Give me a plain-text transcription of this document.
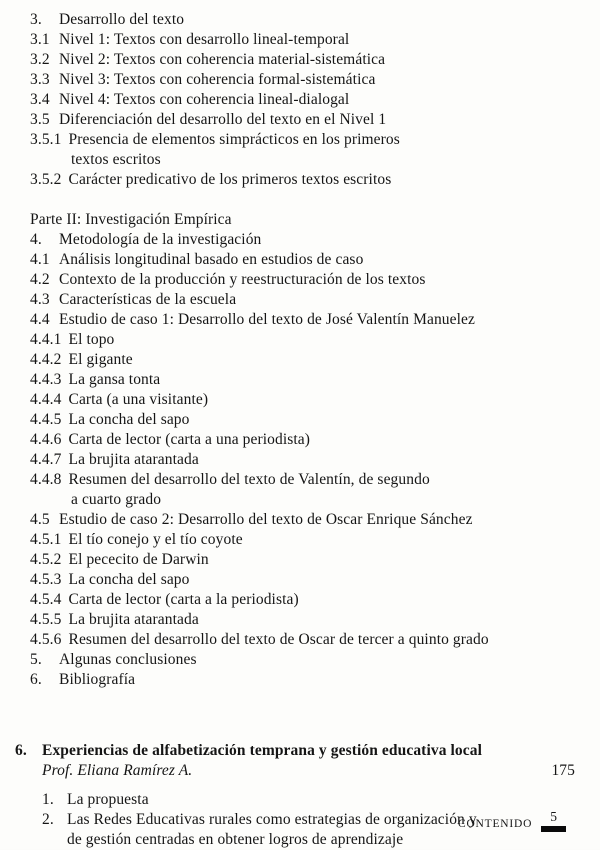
3.	Desarrollo del texto
3.1 Nivel 1: Textos con desarrollo lineal-temporal
3.2 Nivel 2: Textos con coherencia material-sistemática
3.3 Nivel 3: Textos con coherencia formal-sistemática
3.4 Nivel 4: Textos con coherencia lineal-dialogal
3.5 Diferenciación del desarrollo del texto en el Nivel 1
3.5.1 Presencia de elementos simprácticos en los primeros
textos escritos
3.5.2 Carácter predicativo de los primeros textos escritos
Parte II: Investigación Empírica
4.	Metodología de la investigación
4.1 Análisis longitudinal basado en estudios de caso
4.2 Contexto de la producción y reestructuración de los textos
4.3 Características de la escuela
4.4 Estudio de caso 1: Desarrollo del texto de José Valentín Manuelez
4.4.1 El topo
4.4.2 El gigante
4.4.3 La gansa tonta
4.4.4 Carta (a una visitante)
4.4.5 La concha del sapo
4.4.6 Carta de lector (carta a una periodista)
4.4.7 La brujita atarantada
4.4.8 Resumen del desarrollo del texto de Valentín, de segundo
a cuarto grado
4.5 Estudio de caso 2: Desarrollo del texto de Oscar Enrique Sánchez
4.5.1 El tío conejo y el tío coyote
4.5.2 El pececito de Darwin
4.5.3 La concha del sapo
4.5.4 Carta de lector (carta a la periodista)
4.5.5 La brujita atarantada
4.5.6 Resumen del desarrollo del texto de Oscar de tercer a quinto grado
5.	Algunas conclusiones
6.	Bibliografía
6. Experiencias de alfabetización temprana y gestión educativa local
Prof. Eliana Ramírez A.	175
1. La propuesta
2. Las Redes Educativas rurales como estrategias de organización y
de gestión centradas en obtener logros de aprendizaje
CONTENIDO	5
